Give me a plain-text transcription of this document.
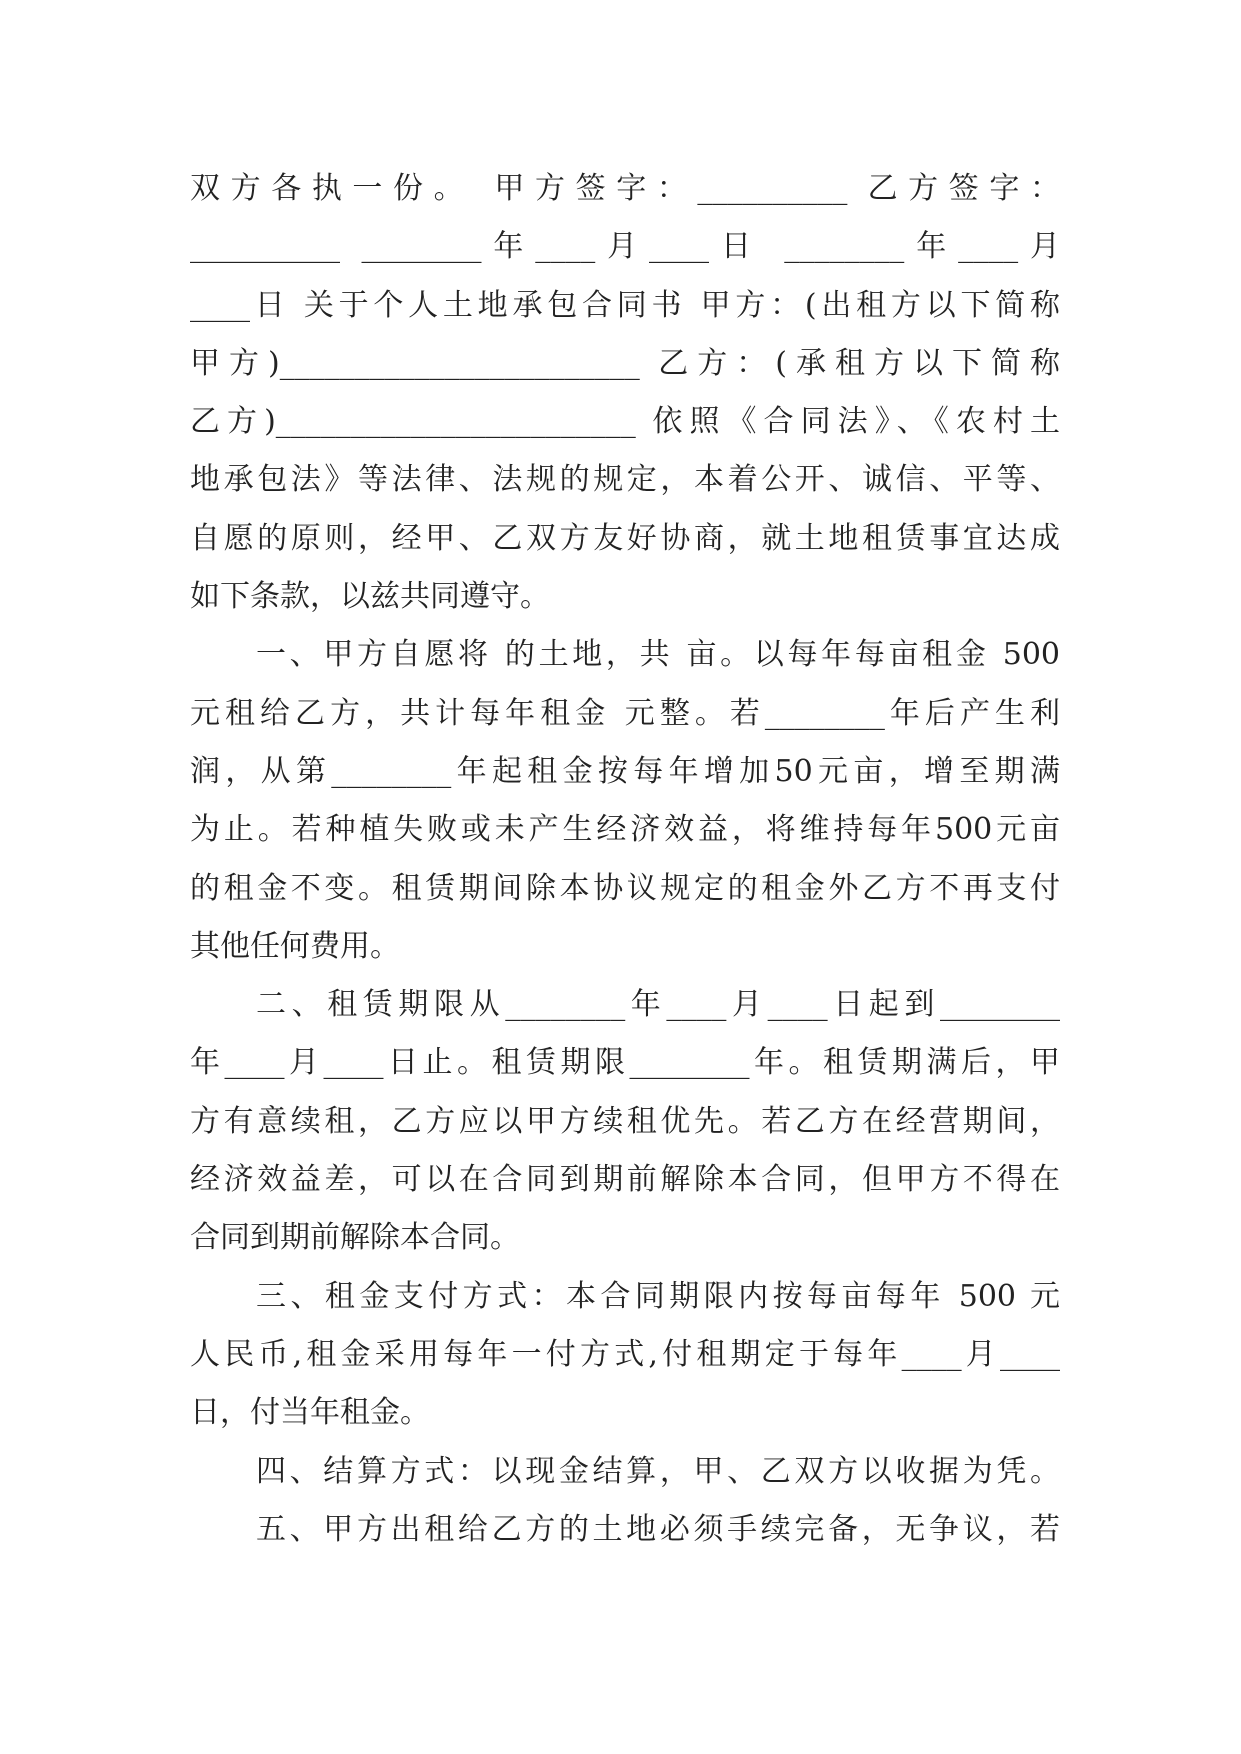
双方各执一份。 甲方签字：__________ 乙方签字：
__________ ________年____月____日 ________年____月
____日 关于个人土地承包合同书 甲方：(出租方以下简称
甲方)________________________ 乙方：(承租方以下简称
乙方)________________________ 依照《合同法》、《农村土
地承包法》等法律、法规的规定，本着公开、诚信、平等、
自愿的原则，经甲、乙双方友好协商，就土地租赁事宜达成
如下条款，以兹共同遵守。
一、甲方自愿将 的土地，共 亩。以每年每亩租金 500
元租给乙方，共计每年租金 元整。若________年后产生利
润，从第________年起租金按每年增加50元亩，增至期满
为止。若种植失败或未产生经济效益，将维持每年500元亩
的租金不变。租赁期间除本协议规定的租金外乙方不再支付
其他任何费用。
二、租赁期限从________年____月____日起到________
年____月____日止。租赁期限________年。租赁期满后，甲
方有意续租，乙方应以甲方续租优先。若乙方在经营期间，
经济效益差，可以在合同到期前解除本合同，但甲方不得在
合同到期前解除本合同。
三、租金支付方式：本合同期限内按每亩每年 500 元
人民币,租金采用每年一付方式,付租期定于每年____月____
日，付当年租金。
四、结算方式：以现金结算，甲、乙双方以收据为凭。
五、甲方出租给乙方的土地必须手续完备，无争议，若
